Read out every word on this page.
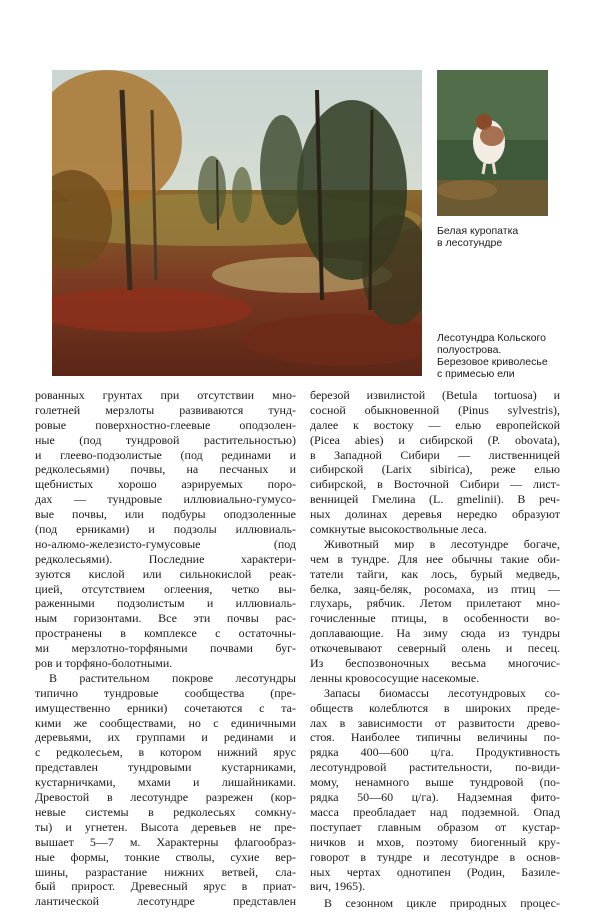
Белая куропатка
в лесотундре
Лесотундра Кольского
полуострова.
Березовое криволесье
с примесью ели
рованных грунтах при отсутствии мно-
голетней мерзлоты развиваются тунд-
ровые поверхностно-глеевые оподзолен-
ные (под тундровой растительностью)
и глеево-подзолистые (под рединами и
редколесьями) почвы, на песчаных и
щебнистых хорошо аэрируемых поро-
дах — тундровые иллювиально-гумусо-
вые почвы, или подбуры оподзоленные
(под ерниками) и подзолы иллювиаль-
но-алюмо-железисто-гумусовые (под
редколесьями). Последние характери-
зуются кислой или сильнокислой реак-
цией, отсутствием оглеения, четко вы-
раженными подзолистым и иллювиаль-
ным горизонтами. Все эти почвы рас-
пространены в комплексе с остаточны-
ми мерзлотно-торфяными почвами буг-
ров и торфяно-болотными.
В растительном покрове лесотундры
типично тундровые сообщества (пре-
имущественно ерники) сочетаются с та-
кими же сообществами, но с единичными
деревьями, их группами и рединами и
с редколесьем, в котором нижний ярус
представлен тундровыми кустарниками,
кустарничками, мхами и лишайниками.
Древостой в лесотундре разрежен (кор-
невые системы в редколесьях сомкну-
ты) и угнетен. Высота деревьев не пре-
вышает 5—7 м. Характерны флагообраз-
ные формы, тонкие стволы, сухие вер-
шины, разрастание нижних ветвей, сла-
бый прирост. Древесный ярус в приат-
лантической лесотундре представлен
березой извилистой (Betula tortuosa) и
сосной обыкновенной (Pinus sylvestris),
далее к востоку — елью европейской
(Picea abies) и сибирской (P. obovata),
в Западной Сибири — лиственницей
сибирской (Larix sibirica), реже елью
сибирской, в Восточной Сибири — лист-
венницей Гмелина (L. gmelinii). В реч-
ных долинах деревья нередко образуют
сомкнутые высокоствольные леса.
Животный мир в лесотундре богаче,
чем в тундре. Для нее обычны такие оби-
татели тайги, как лось, бурый медведь,
белка, заяц-беляк, росомаха, из птиц —
глухарь, рябчик. Летом прилетают мно-
гочисленные птицы, в особенности во-
доплавающие. На зиму сюда из тундры
откочевывают северный олень и песец.
Из беспозвоночных весьма многочис-
ленны кровососущие насекомые.
Запасы биомассы лесотундровых со-
обществ колеблются в широких преде-
лах в зависимости от развитости древо-
стоя. Наиболее типичны величины по-
рядка 400—600 ц/га. Продуктивность
лесотундровой растительности, по-види-
мому, ненамного выше тундровой (по-
рядка 50—60 ц/га). Надземная фито-
масса преобладает над подземной. Опад
поступает главным образом от кустар-
ничков и мхов, поэтому биогенный кру-
говорот в тундре и лесотундре в основ-
ных чертах однотипен (Родин, Базиле-
вич, 1965).
В сезонном цикле природных процес-
